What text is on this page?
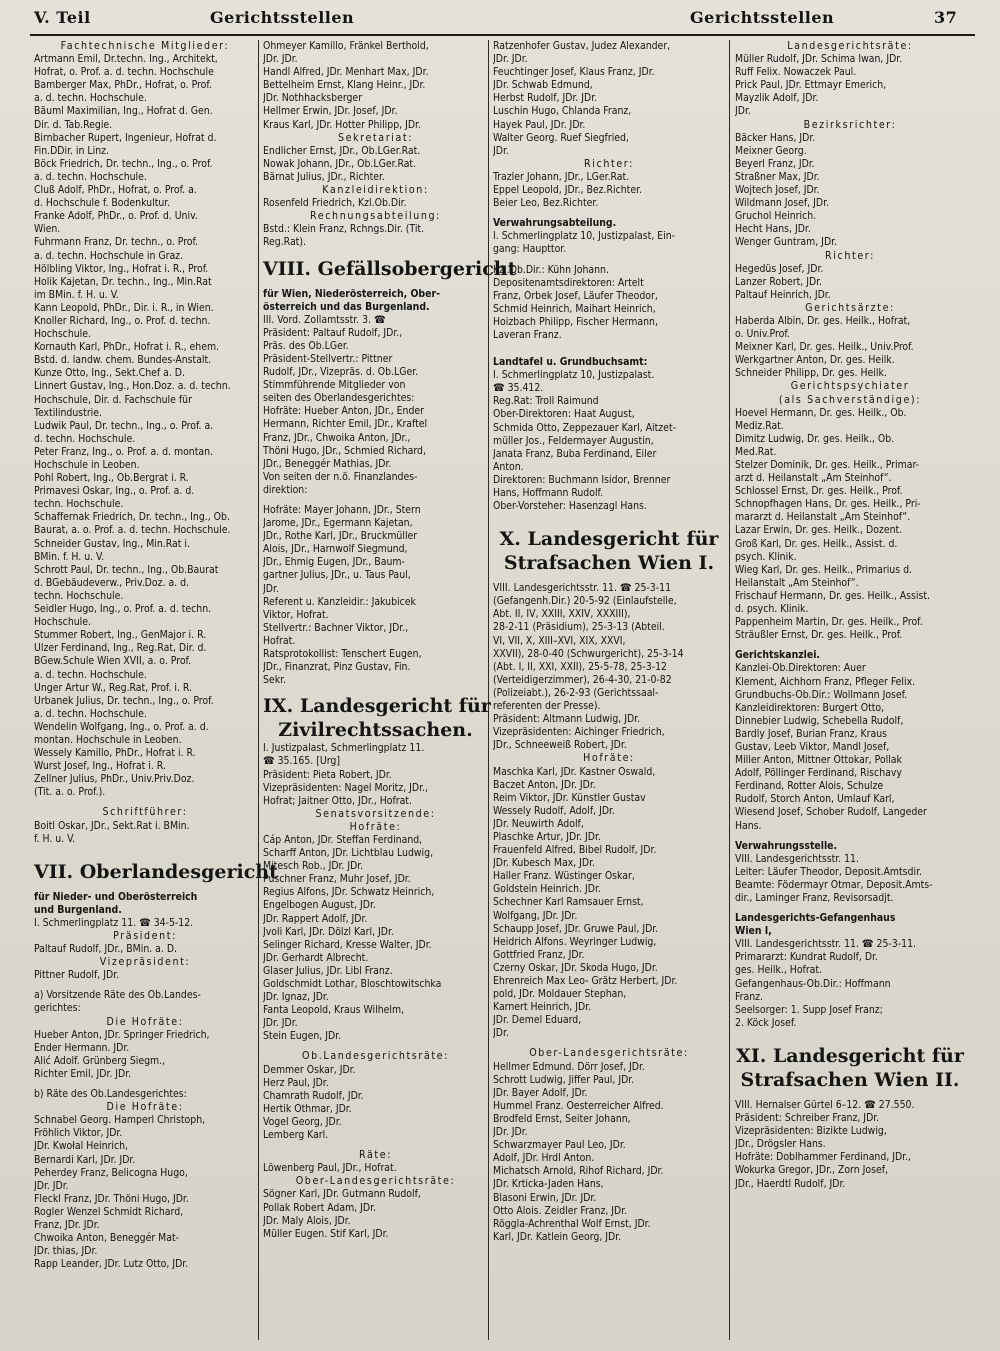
V. Teil	Gerichtsstellen	Gerichtsstellen	37
Fachtechnische Mitglieder:
Artmann Emil, Dr.techn. Ing., Architekt,
Hofrat, o. Prof. a. d. techn. Hochschule
Bamberger Max, PhDr., Hofrat, o. Prof.
a. d. techn. Hochschule.
Bäuml Maximilian, Ing., Hofrat d. Gen.
Dir. d. Tab.Regie.
Birnbacher Rupert, Ingenieur, Hofrat d.
Fin.DDir. in Linz.
Böck Friedrich, Dr. techn., Ing., o. Prof.
a. d. techn. Hochschule.
Cluß Adolf, PhDr., Hofrat, o. Prof. a.
d. Hochschule f. Bodenkultur.
Franke Adolf, PhDr., o. Prof. d. Univ.
Wien.
Fuhrmann Franz, Dr. techn., o. Prof.
a. d. techn. Hochschule in Graz.
Hölbling Viktor, Ing., Hofrat i. R., Prof.
Holik Kajetan, Dr. techn., Ing., Min.Rat
im BMin. f. H. u. V.
Kann Leopold, PhDr., Dir. i. R., in Wien.
Knoller Richard, Ing., o. Prof. d. techn.
Hochschule.
Kornauth Karl, PhDr., Hofrat i. R., ehem.
Bstd. d. landw. chem. Bundes-Anstalt.
Kunze Otto, Ing., Sekt.Chef a. D.
Linnert Gustav, Ing., Hon.Doz. a. d. techn.
Hochschule, Dir. d. Fachschule für
Textilindustrie.
Ludwik Paul, Dr. techn., Ing., o. Prof. a.
d. techn. Hochschule.
Peter Franz, Ing., o. Prof. a. d. montan.
Hochschule in Leoben.
Pohl Robert, Ing., Ob.Bergrat i. R.
Primavesi Oskar, Ing., o. Prof. a. d.
techn. Hochschule.
Schaffernak Friedrich, Dr. techn., Ing., Ob.
Baurat, a. o. Prof. a. d. techn. Hochschule.
Schneider Gustav, Ing., Min.Rat i.
BMin. f. H. u. V.
Schrott Paul, Dr. techn., Ing., Ob.Baurat
d. BGebäudeverw., Priv.Doz. a. d.
techn. Hochschule.
Seidler Hugo, Ing., o. Prof. a. d. techn.
Hochschule.
Stummer Robert, Ing., GenMajor i. R.
Ulzer Ferdinand, Ing., Reg.Rat, Dir. d.
BGew.Schule Wien XVII, a. o. Prof.
a. d. techn. Hochschule.
Unger Artur W., Reg.Rat, Prof. i. R.
Urbanek Julius, Dr. techn., Ing., o. Prof.
a. d. techn. Hochschule.
Wendelin Wolfgang, Ing., o. Prof. a. d.
montan. Hochschule in Leoben.
Wessely Kamillo, PhDr., Hofrat i. R.
Wurst Josef, Ing., Hofrat i. R.
Zellner Julius, PhDr., Univ.Priv.Doz.
(Tit. a. o. Prof.).
Schriftführer:
Boitl Oskar, JDr., Sekt.Rat i. BMin.
f. H. u. V.
VII. Oberlandesgericht
für Nieder- und Oberösterreich
und Burgenland.
I. Schmerlingplatz 11. ☎ 34-5-12.
Präsident:
Paltauf Rudolf, JDr., BMin. a. D.
Vizepräsident:
Pittner Rudolf, JDr.
a) Vorsitzende Räte des Ob.Landes-
gerichtes:
Die Hofräte:
Hueber Anton, JDr. Springer Friedrich,
Ender Hermann. JDr.
Alić Adolf. Grünberg Siegm.,
Richter Emil, JDr. JDr.
b) Räte des Ob.Landesgerichtes:
Die Hofräte:
Schnabel Georg. Hamperl Christoph,
Fröhlich Viktor, JDr.
JDr. Kwołal Heinrich,
Bernardi Karl, JDr. JDr.
Peherdey Franz, Belicogna Hugo,
JDr. JDr.
Fleckl Franz, JDr. Thöni Hugo, JDr.
Rogler Wenzel Schmidt Richard,
Franz, JDr. JDr.
Chwoika Anton, Beneggér Mat-
JDr. thias, JDr.
Rapp Leander, JDr. Lutz Otto, JDr.
Ohmeyer Kamillo, Fränkel Berthold,
JDr. JDr.
Handl Alfred, JDr. Menhart Max, JDr.
Bettelheim Ernst, Klang Heinr., JDr.
JDr. Nothhacksberger
Hellmer Erwin, JDr. Josef, JDr.
Kraus Karl, JDr. Hotter Philipp, JDr.
Sekretariat:
Endlicher Ernst, JDr., Ob.LGer.Rat.
Nowak Johann, JDr., Ob.LGer.Rat.
Bärnat Julius, JDr., Richter.
Kanzleidirektion:
Rosenfeld Friedrich, Kzl.Ob.Dir.
Rechnungsabteilung:
Bstd.: Klein Franz, Rchngs.Dir. (Tit.
Reg.Rat).
VIII. Gefällsobergericht
für Wien, Niederösterreich, Ober-
österreich und das Burgenland.
III. Vord. Zollamtsstr. 3. ☎
Präsident: Paltauf Rudolf, JDr.,
Präs. des Ob.LGer.
Präsident-Stellvertr.: Pittner
Rudolf, JDr., Vizepräs. d. Ob.LGer.
Stimmführende Mitglieder von
seiten des Oberlandesgerichtes:
Hofräte: Hueber Anton, JDr., Ender
Hermann, Richter Emil, JDr., Kraftel
Franz, JDr., Chwoika Anton, JDr.,
Thöni Hugo, JDr., Schmied Richard,
JDr., Beneggér Mathias, JDr.
Von seiten der n.ö. Finanzlandes-
direktion:
Hofräte: Mayer Johann, JDr., Stern
Jarome, JDr., Egermann Kajetan,
JDr., Rothe Karl, JDr., Bruckmüller
Alois, JDr., Harnwolf Siegmund,
JDr., Ehmig Eugen, JDr., Baum-
gartner Julius, JDr., u. Taus Paul,
JDr.
Referent u. Kanzleidir.: Jakubicek
Viktor, Hofrat.
Stellvertr.: Bachner Viktor, JDr.,
Hofrat.
Ratsprotokollist: Tenschert Eugen,
JDr., Finanzrat, Pinz Gustav, Fin.
Sekr.
IX. Landesgericht für
Zivilrechtssachen.
I. Justizpalast, Schmerlingplatz 11.
☎ 35.165. [Urg]
Präsident: Pieta Robert, JDr.
Vizepräsidenten: Nagel Moritz, JDr.,
Hofrat; Jaitner Otto, JDr., Hofrat.
Senatsvorsitzende:
Hofräte:
Čáp Anton, JDr. Steffan Ferdinand,
Scharff Anton, JDr. Lichtblau Ludwig,
Mitesch Rob., JDr. JDr.
Puschner Franz, Muhr Josef, JDr.
Regius Alfons, JDr. Schwatz Heinrich,
Engelbogen August, JDr.
JDr. Rappert Adolf, JDr.
Jvoli Karl, JDr. Dölzl Karl, JDr.
Selinger Richard, Kresse Walter, JDr.
JDr. Gerhardt Albrecht.
Glaser Julius, JDr. Libl Franz.
Goldschmidt Lothar, Bloschtowitschka
JDr. Ignaz, JDr.
Fanta Leopold, Kraus Wilhelm,
JDr. JDr.
Stein Eugen, JDr.
Ob.Landesgerichtsräte:
Demmer Oskar, JDr.
Herz Paul, JDr.
Chamrath Rudolf, JDr.
Hertik Othmar, JDr.
Vogel Georg, JDr.
Lemberg Karl.
Räte:
Löwenberg Paul, JDr., Hofrat.
Ober-Landesgerichtsräte:
Sögner Karl, JDr. Gutmann Rudolf,
Pollak Robert Adam, JDr.
JDr. Maly Alois, JDr.
Müller Eugen. Stif Karl, JDr.
Ratzenhofer Gustav, Judez Alexander,
JDr. JDr.
Feuchtinger Josef, Klaus Franz, JDr.
JDr. Schwab Edmund,
Herbst Rudolf, JDr. JDr.
Luschin Hugo, Chlanda Franz,
Hayek Paul, JDr. JDr.
Walter Georg. Ruef Siegfried,
JDr.
Richter:
Trazler Johann, JDr., LGer.Rat.
Eppel Leopold, JDr., Bez.Richter.
Beier Leo, Bez.Richter.
Verwahrungsabteilung.
I. Schmerlingplatz 10, Justizpalast, Ein-
gang: Haupttor.
Kzl.Ob.Dir.: Kühn Johann.
Depositenamtsdirektoren: Artelt
Franz, Orbek Josef, Läufer Theodor,
Schmid Heinrich, Maihart Heinrich,
Hoizbach Philipp, Fischer Hermann,
Laveran Franz.
Landtafel u. Grundbuchsamt:
I. Schmerlingplatz 10, Justizpalast.
☎ 35.412.
Reg.Rat: Troll Raimund
Ober-Direktoren: Haat August,
Schmida Otto, Zeppezauer Karl, Aitzet-
müller Jos., Feldermayer Augustin,
Janata Franz, Buba Ferdinand, Eiler
Anton.
Direktoren: Buchmann Isidor, Brenner
Hans, Hoffmann Rudolf.
Ober-Vorsteher: Hasenzagl Hans.
X. Landesgericht für
Strafsachen Wien I.
VIII. Landesgerichtsstr. 11. ☎ 25-3-11
(Gefangenh.Dir.) 20-5-92 (Einlaufstelle,
Abt. II, IV, XXIII, XXIV, XXXIII),
28-2-11 (Präsidium), 25-3-13 (Abteil.
VI, VII, X, XIII–XVI, XIX, XXVI,
XXVII), 28-0-40 (Schwurgericht), 25-3-14
(Abt. I, II, XXI, XXII), 25-5-78, 25-3-12
(Verteidigerzimmer), 26-4-30, 21-0-82
(Polizeiabt.), 26-2-93 (Gerichtssaal-
referenten der Presse).
Präsident: Altmann Ludwig, JDr.
Vizepräsidenten: Aichinger Friedrich,
JDr., Schneeweiß Robert, JDr.
Hofräte:
Maschka Karl, JDr. Kastner Oswald,
Baczet Anton, JDr. JDr.
Reim Viktor, JDr. Künstler Gustav
Wessely Rudolf, Adolf, JDr.
JDr. Neuwirth Adolf,
Plaschke Artur, JDr. JDr.
Frauenfeld Alfred, Bibel Rudolf, JDr.
JDr. Kubesch Max, JDr.
Haller Franz. Wüstinger Oskar,
Goldstein Heinrich. JDr.
Schechner Karl Ramsauer Ernst,
Wolfgang, JDr. JDr.
Schaupp Josef, JDr. Gruwe Paul, JDr.
Heidrich Alfons. Weyringer Ludwig,
Gottfried Franz, JDr.
Czerny Oskar, JDr. Skoda Hugo, JDr.
Ehrenreich Max Leo- Grätz Herbert, JDr.
pold, JDr. Moldauer Stephan,
Karnert Heinrich, JDr.
JDr. Demel Eduard,
JDr.
Ober-Landesgerichtsräte:
Hellmer Edmund. Dörr Josef, JDr.
Schrott Ludwig, Jiffer Paul, JDr.
JDr. Bayer Adolf, JDr.
Hummel Franz. Oesterreicher Alfred.
Brodfeld Ernst, Seiter Johann,
JDr. JDr.
Schwarzmayer Paul Leo, JDr.
Adolf, JDr. Hrdl Anton.
Michatsch Arnold, Rihof Richard, JDr.
JDr. Krticka-Jaden Hans,
Blasoni Erwin, JDr. JDr.
Otto Alois. Zeidler Franz, JDr.
Röggla-Achrenthal Wolf Ernst, JDr.
Karl, JDr. Katlein Georg, JDr.
Landesgerichtsräte:
Müller Rudolf, JDr. Schima Iwan, JDr.
Ruff Felix. Nowaczek Paul.
Prick Paul, JDr. Ettmayr Emerich,
Mayzlik Adolf, JDr.
JDr.
Bezirksrichter:
Bäcker Hans, JDr.
Meixner Georg.
Beyerl Franz, JDr.
Straßner Max, JDr.
Wojtech Josef, JDr.
Wildmann Josef, JDr.
Gruchol Heinrich.
Hecht Hans, JDr.
Wenger Guntram, JDr.
Richter:
Hegedüs Josef, JDr.
Lanzer Robert, JDr.
Paltauf Heinrich, JDr.
Gerichtsärzte:
Haberda Albin, Dr. ges. Heilk., Hofrat,
o. Univ.Prof.
Meixner Karl, Dr. ges. Heilk., Univ.Prof.
Werkgartner Anton, Dr. ges. Heilk.
Schneider Philipp, Dr. ges. Heilk.
Gerichtspsychiater
(als Sachverständige):
Hoevel Hermann, Dr. ges. Heilk., Ob.
Mediz.Rat.
Dimitz Ludwig, Dr. ges. Heilk., Ob.
Med.Rat.
Stelzer Dominik, Dr. ges. Heilk., Primar-
arzt d. Heilanstalt „Am Steinhof“.
Schlossel Ernst, Dr. ges. Heilk., Prof.
Schnopfhagen Hans, Dr. ges. Heilk., Pri-
mararzt d. Heilanstalt „Am Steinhof“.
Lazar Erwin, Dr. ges. Heilk., Dozent.
Groß Karl, Dr. ges. Heilk., Assist. d.
psych. Klinik.
Wieg Karl, Dr. ges. Heilk., Primarius d.
Heilanstalt „Am Steinhof“.
Frischauf Hermann, Dr. ges. Heilk., Assist.
d. psych. Klinik.
Pappenheim Martin, Dr. ges. Heilk., Prof.
Sträußler Ernst, Dr. ges. Heilk., Prof.
Gerichtskanzlei.
Kanzlei-Ob.Direktoren: Auer
Klement, Aichhorn Franz, Pfleger Felix.
Grundbuchs-Ob.Dir.: Wollmann Josef.
Kanzleidirektoren: Burgert Otto,
Dinnebier Ludwig, Schebella Rudolf,
Bardly Josef, Burian Franz, Kraus
Gustav, Leeb Viktor, Mandl Josef,
Miller Anton, Mittner Ottokar, Pollak
Adolf, Pöllinger Ferdinand, Rischavy
Ferdinand, Rotter Alois, Schulze
Rudolf, Storch Anton, Umlauf Karl,
Wiesend Josef, Schober Rudolf, Langeder
Hans.
Verwahrungsstelle.
VIII. Landesgerichtsstr. 11.
Leiter: Läufer Theodor, Deposit.Amtsdir.
Beamte: Födermayr Otmar, Deposit.Amts-
dir., Laminger Franz, Revisorsadjt.
Landesgerichts-Gefangenhaus
Wien I,
VIII. Landesgerichtsstr. 11. ☎ 25-3-11.
Primararzt: Kundrat Rudolf, Dr.
ges. Heilk., Hofrat.
Gefangenhaus-Ob.Dir.: Hoffmann
Franz.
Seelsorger: 1. Supp Josef Franz;
2. Köck Josef.
XI. Landesgericht für
Strafsachen Wien II.
VIII. Hernalser Gürtel 6–12. ☎ 27.550.
Präsident: Schreiber Franz, JDr.
Vizepräsidenten: Bizikte Ludwig,
JDr., Drögsler Hans.
Hofräte: Doblhammer Ferdinand, JDr.,
Wokurka Gregor, JDr., Zorn Josef,
JDr., Haerdtl Rudolf, JDr.
